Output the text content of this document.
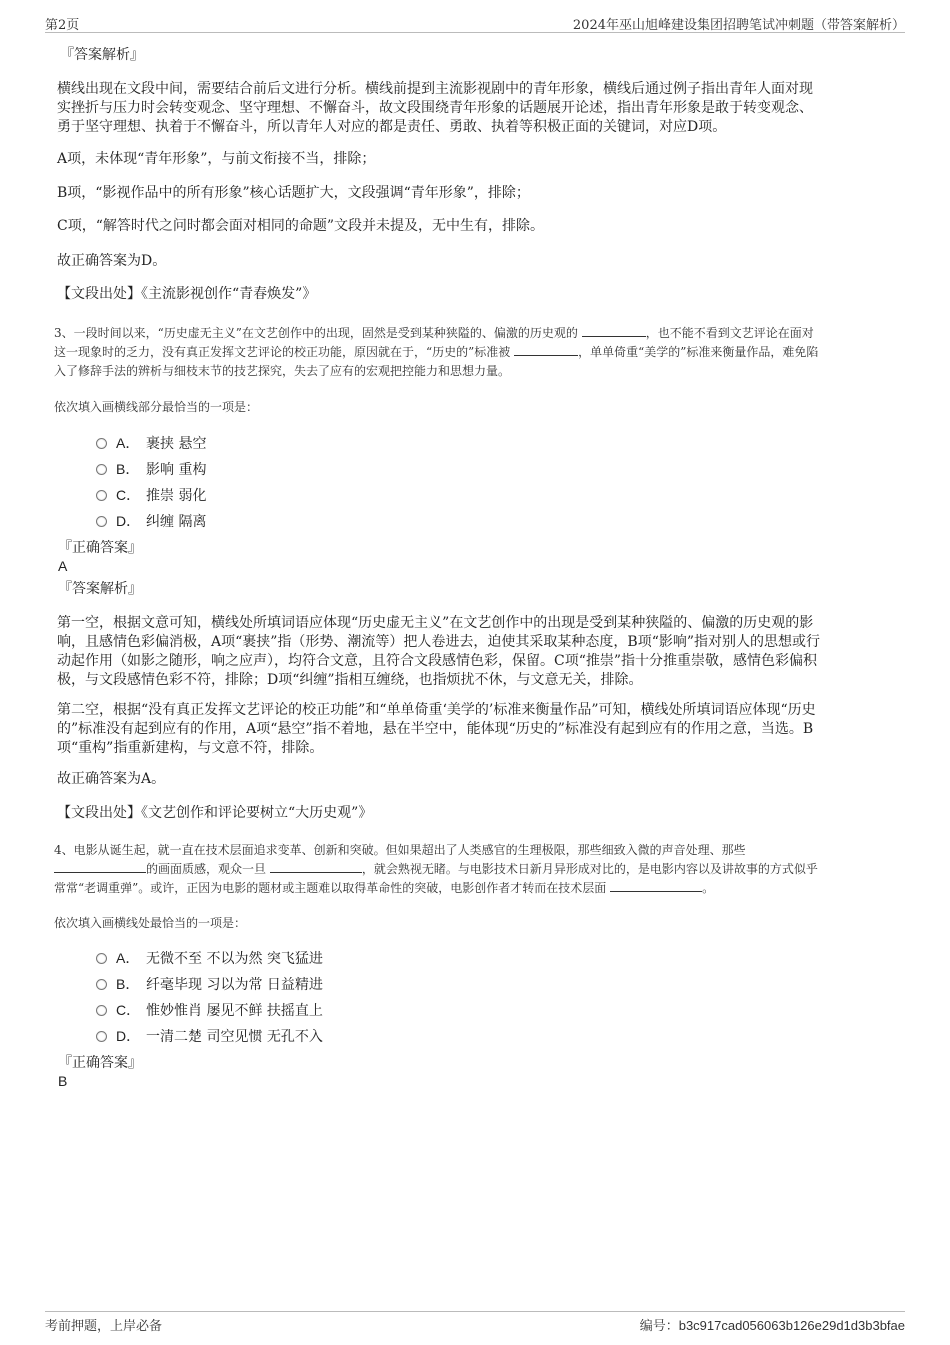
第2页	2024年巫山旭峰建设集团招聘笔试冲刺题（带答案解析）
『答案解析』
横线出现在文段中间，需要结合前后文进行分析。横线前提到主流影视剧中的青年形象，横线后通过例子指出青年人面对现
实挫折与压力时会转变观念、坚守理想、不懈奋斗，故文段围绕青年形象的话题展开论述，指出青年形象是敢于转变观念、
勇于坚守理想、执着于不懈奋斗，所以青年人对应的都是责任、勇敢、执着等积极正面的关键词，对应D项。
A项，未体现“青年形象”，与前文衔接不当，排除；
B项，“影视作品中的所有形象”核心话题扩大，文段强调“青年形象”，排除；
C项，“解答时代之问时都会面对相同的命题”文段并未提及，无中生有，排除。
故正确答案为D。
【文段出处】《主流影视创作“青春焕发”》
3、一段时间以来，“历史虚无主义”在文艺创作中的出现，固然是受到某种狭隘的、偏激的历史观的	，也不能不看到文艺评论在面对
这一现象时的乏力，没有真正发挥文艺评论的校正功能，原因就在于，“历史的”标准被	，单单倚重“美学的”标准来衡量作品，难免陷
入了修辞手法的辨析与细枝末节的技艺探究，失去了应有的宏观把控能力和思想力量。
依次填入画横线部分最恰当的一项是：
A． 裹挟 悬空
B． 影响 重构
C． 推崇 弱化
D． 纠缠 隔离
『正确答案』
A
『答案解析』
第一空，根据文意可知，横线处所填词语应体现“历史虚无主义”在文艺创作中的出现是受到某种狭隘的、偏激的历史观的影
响，且感情色彩偏消极，A项“裹挟”指（形势、潮流等）把人卷进去，迫使其采取某种态度，B项“影响”指对别人的思想或行
动起作用（如影之随形，响之应声），均符合文意，且符合文段感情色彩，保留。C项“推崇”指十分推重崇敬，感情色彩偏积
极，与文段感情色彩不符，排除；D项“纠缠”指相互缠绕，也指烦扰不休，与文意无关，排除。
第二空，根据“没有真正发挥文艺评论的校正功能”和“单单倚重‘美学的’标准来衡量作品”可知，横线处所填词语应体现“历史
的”标准没有起到应有的作用，A项“悬空”指不着地，悬在半空中，能体现“历史的”标准没有起到应有的作用之意，当选。B
项“重构”指重新建构，与文意不符，排除。
故正确答案为A。
【文段出处】《文艺创作和评论要树立“大历史观”》
4、电影从诞生起，就一直在技术层面追求变革、创新和突破。但如果超出了人类感官的生理极限，那些细致入微的声音处理、那些
的画面质感，观众一旦	，就会熟视无睹。与电影技术日新月异形成对比的，是电影内容以及讲故事的方式似乎
常常“老调重弹”。或许，正因为电影的题材或主题难以取得革命性的突破，电影创作者才转而在技术层面	。
依次填入画横线处最恰当的一项是：
A． 无微不至 不以为然 突飞猛进
B． 纤毫毕现 习以为常 日益精进
C． 惟妙惟肖 屡见不鲜 扶摇直上
D． 一清二楚 司空见惯 无孔不入
『正确答案』
B
考前押题，上岸必备	编号：b3c917cad056063b126e29d1d3b3bfae
